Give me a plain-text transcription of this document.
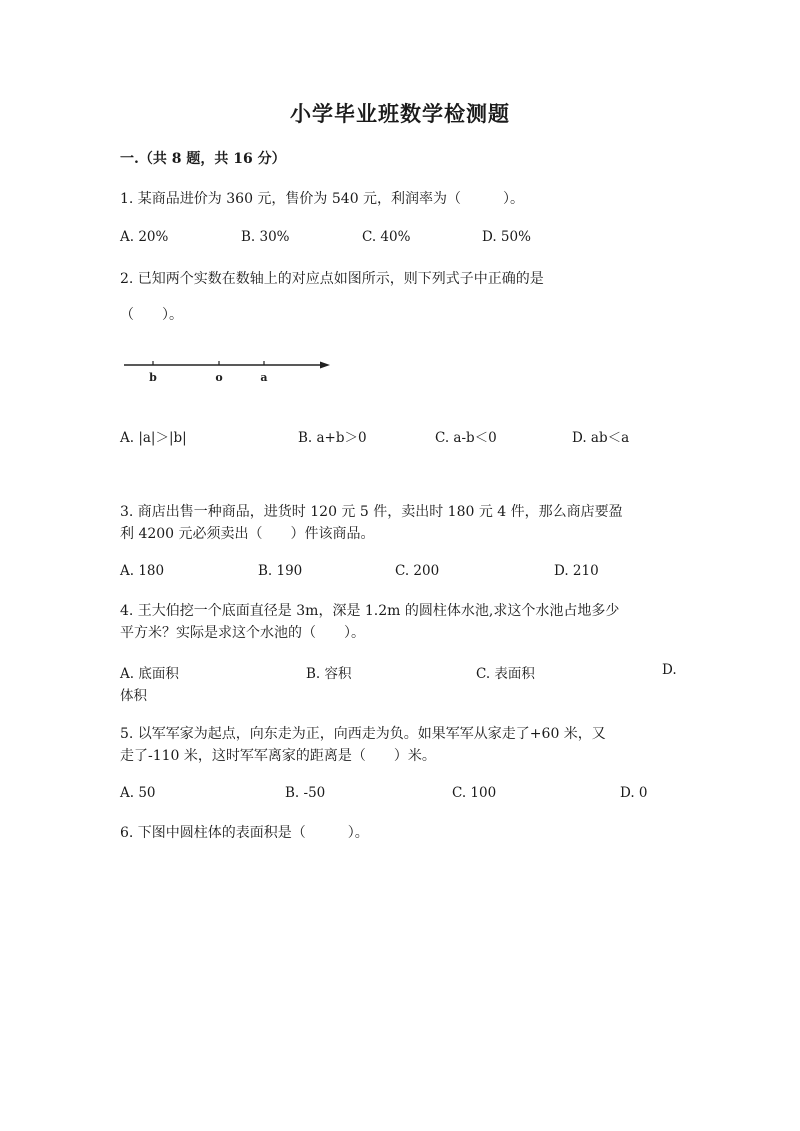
小学毕业班数学检测题
一.（共 8 题，共 16 分）
1. 某商品进价为 360 元，售价为 540 元，利润率为（　　　）。
A. 20%	B. 30%	C. 40%	D. 50%
2. 已知两个实数在数轴上的对应点如图所示，则下列式子中正确的是
（　　）。
b	o	a
A. |a|＞|b|	B. a+b＞0	C. a-b＜0	D. ab＜a
3. 商店出售一种商品，进货时 120 元 5 件，卖出时 180 元 4 件，那么商店要盈
利 4200 元必须卖出（　　）件该商品。
A. 180	B. 190	C. 200	D. 210
4. 王大伯挖一个底面直径是 3m，深是 1.2m 的圆柱体水池,求这个水池占地多少
平方米？实际是求这个水池的（　　）。
A. 底面积	B. 容积	C. 表面积	D.
体积
5. 以军军家为起点，向东走为正，向西走为负。如果军军从家走了+60 米，又
走了-110 米，这时军军离家的距离是（　　）米。
A. 50	B. -50	C. 100	D. 0
6. 下图中圆柱体的表面积是（　　　）。
